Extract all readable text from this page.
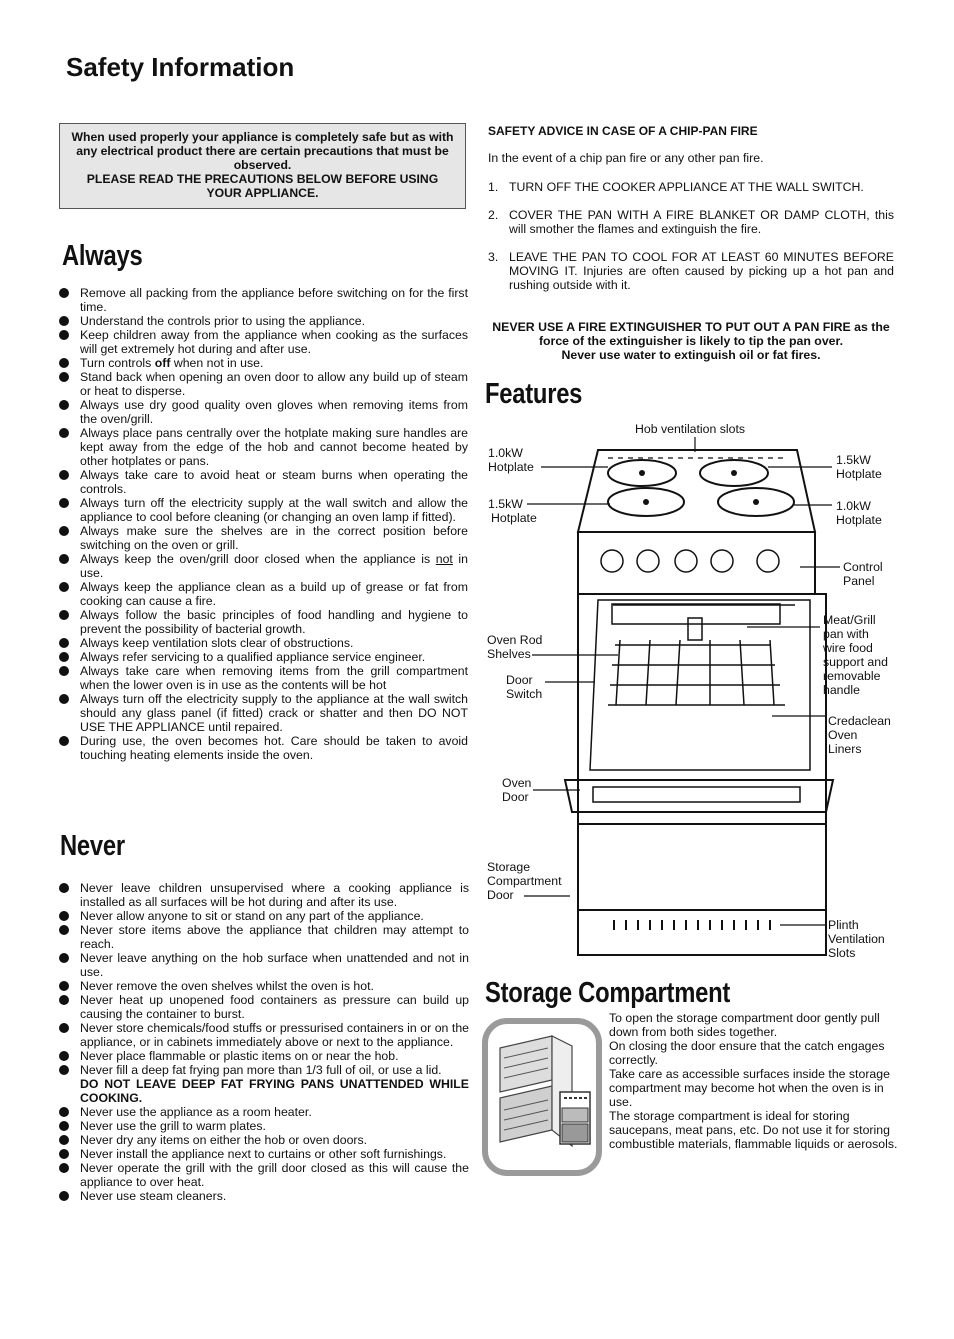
Safety Information
When used properly your appliance is completely safe but as with any electrical product there are certain precautions that must be observed.
PLEASE READ THE PRECAUTIONS BELOW BEFORE USING YOUR APPLIANCE.
Always
Remove all packing from the appliance before switching on for the first time.
Understand the controls prior to using the appliance.
Keep children away from the appliance when cooking as the surfaces will get extremely hot during and after use.
Turn controls off when not in use.
Stand back when opening an oven door to allow any build up of steam or heat to disperse.
Always use dry good quality oven gloves when removing items from the oven/grill.
Always place pans centrally over the hotplate making sure handles are kept away from the edge of the hob and cannot become heated by other hotplates or pans.
Always take care to avoid heat or steam burns when operating the controls.
Always turn off the electricity supply at the wall switch and allow the appliance to cool before cleaning (or changing an oven lamp if fitted).
Always make sure the shelves are in the correct position before switching on the oven or grill.
Always keep the oven/grill door closed when the appliance is not in use.
Always keep the appliance clean as a build up of grease or fat from cooking can cause a fire.
Always follow the basic principles of food handling and hygiene to prevent the possibility of bacterial growth.
Always keep ventilation slots clear of obstructions.
Always refer servicing to a qualified appliance service engineer.
Always take care when removing items from the grill compartment when the lower oven is in use as the contents will be hot
Always turn off the electricity supply to the appliance at the wall switch should any glass panel (if fitted) crack or shatter and then DO NOT USE THE APPLIANCE until repaired.
During use, the oven becomes hot. Care should be taken to avoid touching heating elements inside the oven.
Never
Never leave children unsupervised where a cooking appliance is installed as all surfaces will be hot during and after its use.
Never allow anyone to sit or stand on any part of the appliance.
Never store items above the appliance that children may attempt to reach.
Never leave anything on the hob surface when unattended and not in use.
Never remove the oven shelves whilst the oven is hot.
Never heat up unopened food containers as pressure can build up causing the container to burst.
Never store chemicals/food stuffs or pressurised containers in or on the appliance, or in cabinets immediately above or next to the appliance.
Never place flammable or plastic items on or near the hob.
Never fill a deep fat frying pan more than 1/3 full of oil, or use a lid.
DO NOT LEAVE DEEP FAT FRYING PANS UNATTENDED WHILE COOKING.
Never use the appliance as a room heater.
Never use the grill to warm plates.
Never dry any items on either the hob or oven doors.
Never install the appliance next to curtains or other soft furnishings.
Never operate the grill with the grill door closed as this will cause the appliance to over heat.
Never use steam cleaners.
SAFETY ADVICE IN CASE OF A CHIP-PAN FIRE
In the event of a chip pan fire or any other pan fire.
1. TURN OFF THE COOKER APPLIANCE AT THE WALL SWITCH.
2. COVER THE PAN WITH A FIRE BLANKET OR DAMP CLOTH, this will smother the flames and extinguish the fire.
3. LEAVE THE PAN TO COOL FOR AT LEAST 60 MINUTES BEFORE MOVING IT. Injuries are often caused by picking up a hot pan and rushing outside with it.
NEVER USE A FIRE EXTINGUISHER TO PUT OUT A PAN FIRE as the force of the extinguisher is likely to tip the pan over.
Never use water to extinguish oil or fat fires.
Features
Hob ventilation slots
1.0kW
Hotplate
1.5kW
Hotplate
1.5kW
Hotplate
1.0kW
Hotplate
Control
Panel
Meat/Grill
pan with
wire food
support and
removable
handle
Oven Rod
Shelves
Door
Switch
Credaclean
Oven
Liners
Oven
Door
Storage
Compartment
Door
Plinth
Ventilation
Slots
Storage Compartment
To open the storage compartment door gently pull down from both sides together.
On closing the door ensure that the catch engages correctly.
Take care as accessible surfaces inside the storage compartment may become hot when the oven is in use.
The storage compartment is ideal for storing saucepans, meat pans, etc. Do not use it for storing combustible materials, flammable liquids or aerosols.
